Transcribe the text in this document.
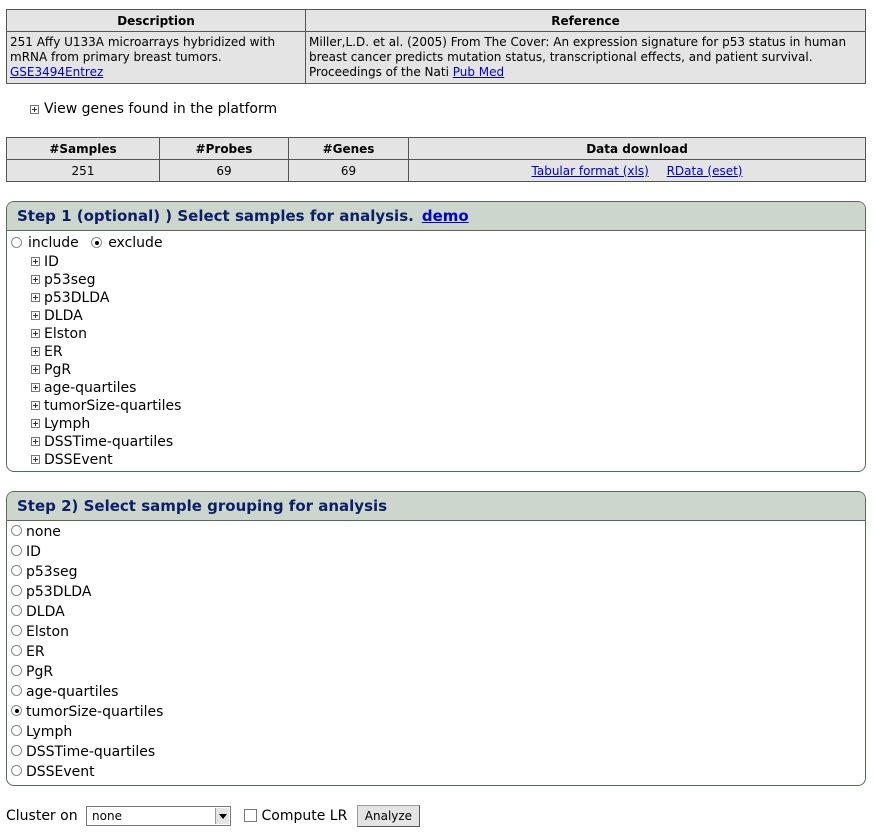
Description	Reference
251 Affy U133A microarrays hybridized with mRNA from primary breast tumors.
GSE3494Entrez	Miller,L.D. et al. (2005) From The Cover: An expression signature for p53 status in human breast cancer predicts mutation status, transcriptional effects, and patient survival. Proceedings of the Nati Pub Med
View genes found in the platform
#Samples	#Probes	#Genes	Data download
251	69	69	Tabular format (xls) RData (eset)
Step 1 (optional) ) Select samples for analysis. demo
include exclude
ID
p53seg
p53DLDA
DLDA
Elston
ER
PgR
age-quartiles
tumorSize-quartiles
Lymph
DSSTime-quartiles
DSSEvent
Step 2) Select sample grouping for analysis
none
ID
p53seg
p53DLDA
DLDA
Elston
ER
PgR
age-quartiles
tumorSize-quartiles
Lymph
DSSTime-quartiles
DSSEvent
Cluster on none	Compute LR Analyze
